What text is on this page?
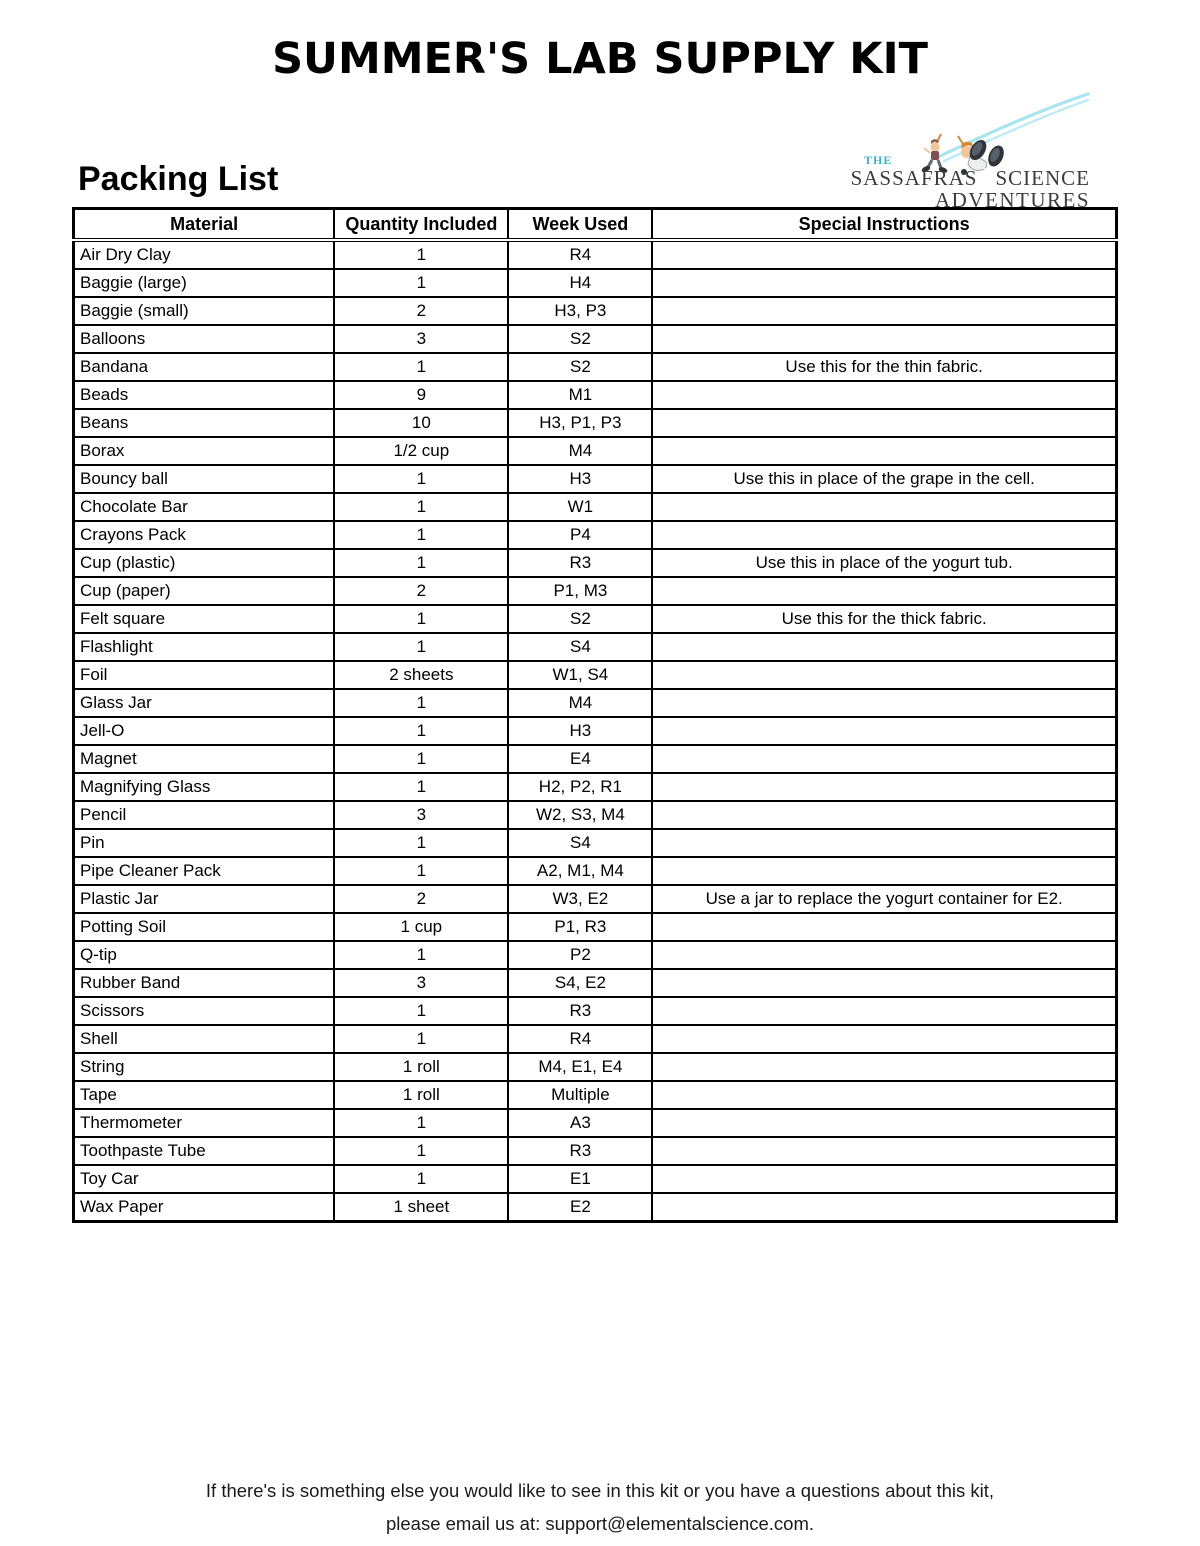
SUMMER'S LAB SUPPLY KIT
THE
SASSAFRAS SCIENCE
ADVENTURES
Packing List
Material	Quantity Included	Week Used	Special Instructions
Air Dry Clay	1	R4	
Baggie (large)	1	H4	
Baggie (small)	2	H3, P3	
Balloons	3	S2	
Bandana	1	S2	Use this for the thin fabric.
Beads	9	M1	
Beans	10	H3, P1, P3	
Borax	1/2 cup	M4	
Bouncy ball	1	H3	Use this in place of the grape in the cell.
Chocolate Bar	1	W1	
Crayons Pack	1	P4	
Cup (plastic)	1	R3	Use this in place of the yogurt tub.
Cup (paper)	2	P1, M3	
Felt square	1	S2	Use this for the thick fabric.
Flashlight	1	S4	
Foil	2 sheets	W1, S4	
Glass Jar	1	M4	
Jell-O	1	H3	
Magnet	1	E4	
Magnifying Glass	1	H2, P2, R1	
Pencil	3	W2, S3, M4	
Pin	1	S4	
Pipe Cleaner Pack	1	A2, M1, M4	
Plastic Jar	2	W3, E2	Use a jar to replace the yogurt container for E2.
Potting Soil	1 cup	P1, R3	
Q-tip	1	P2	
Rubber Band	3	S4, E2	
Scissors	1	R3	
Shell	1	R4	
String	1 roll	M4, E1, E4	
Tape	1 roll	Multiple	
Thermometer	1	A3	
Toothpaste Tube	1	R3	
Toy Car	1	E1	
Wax Paper	1 sheet	E2	
If there's is something else you would like to see in this kit or you have a questions about this kit,
please email us at: support@elementalscience.com.
